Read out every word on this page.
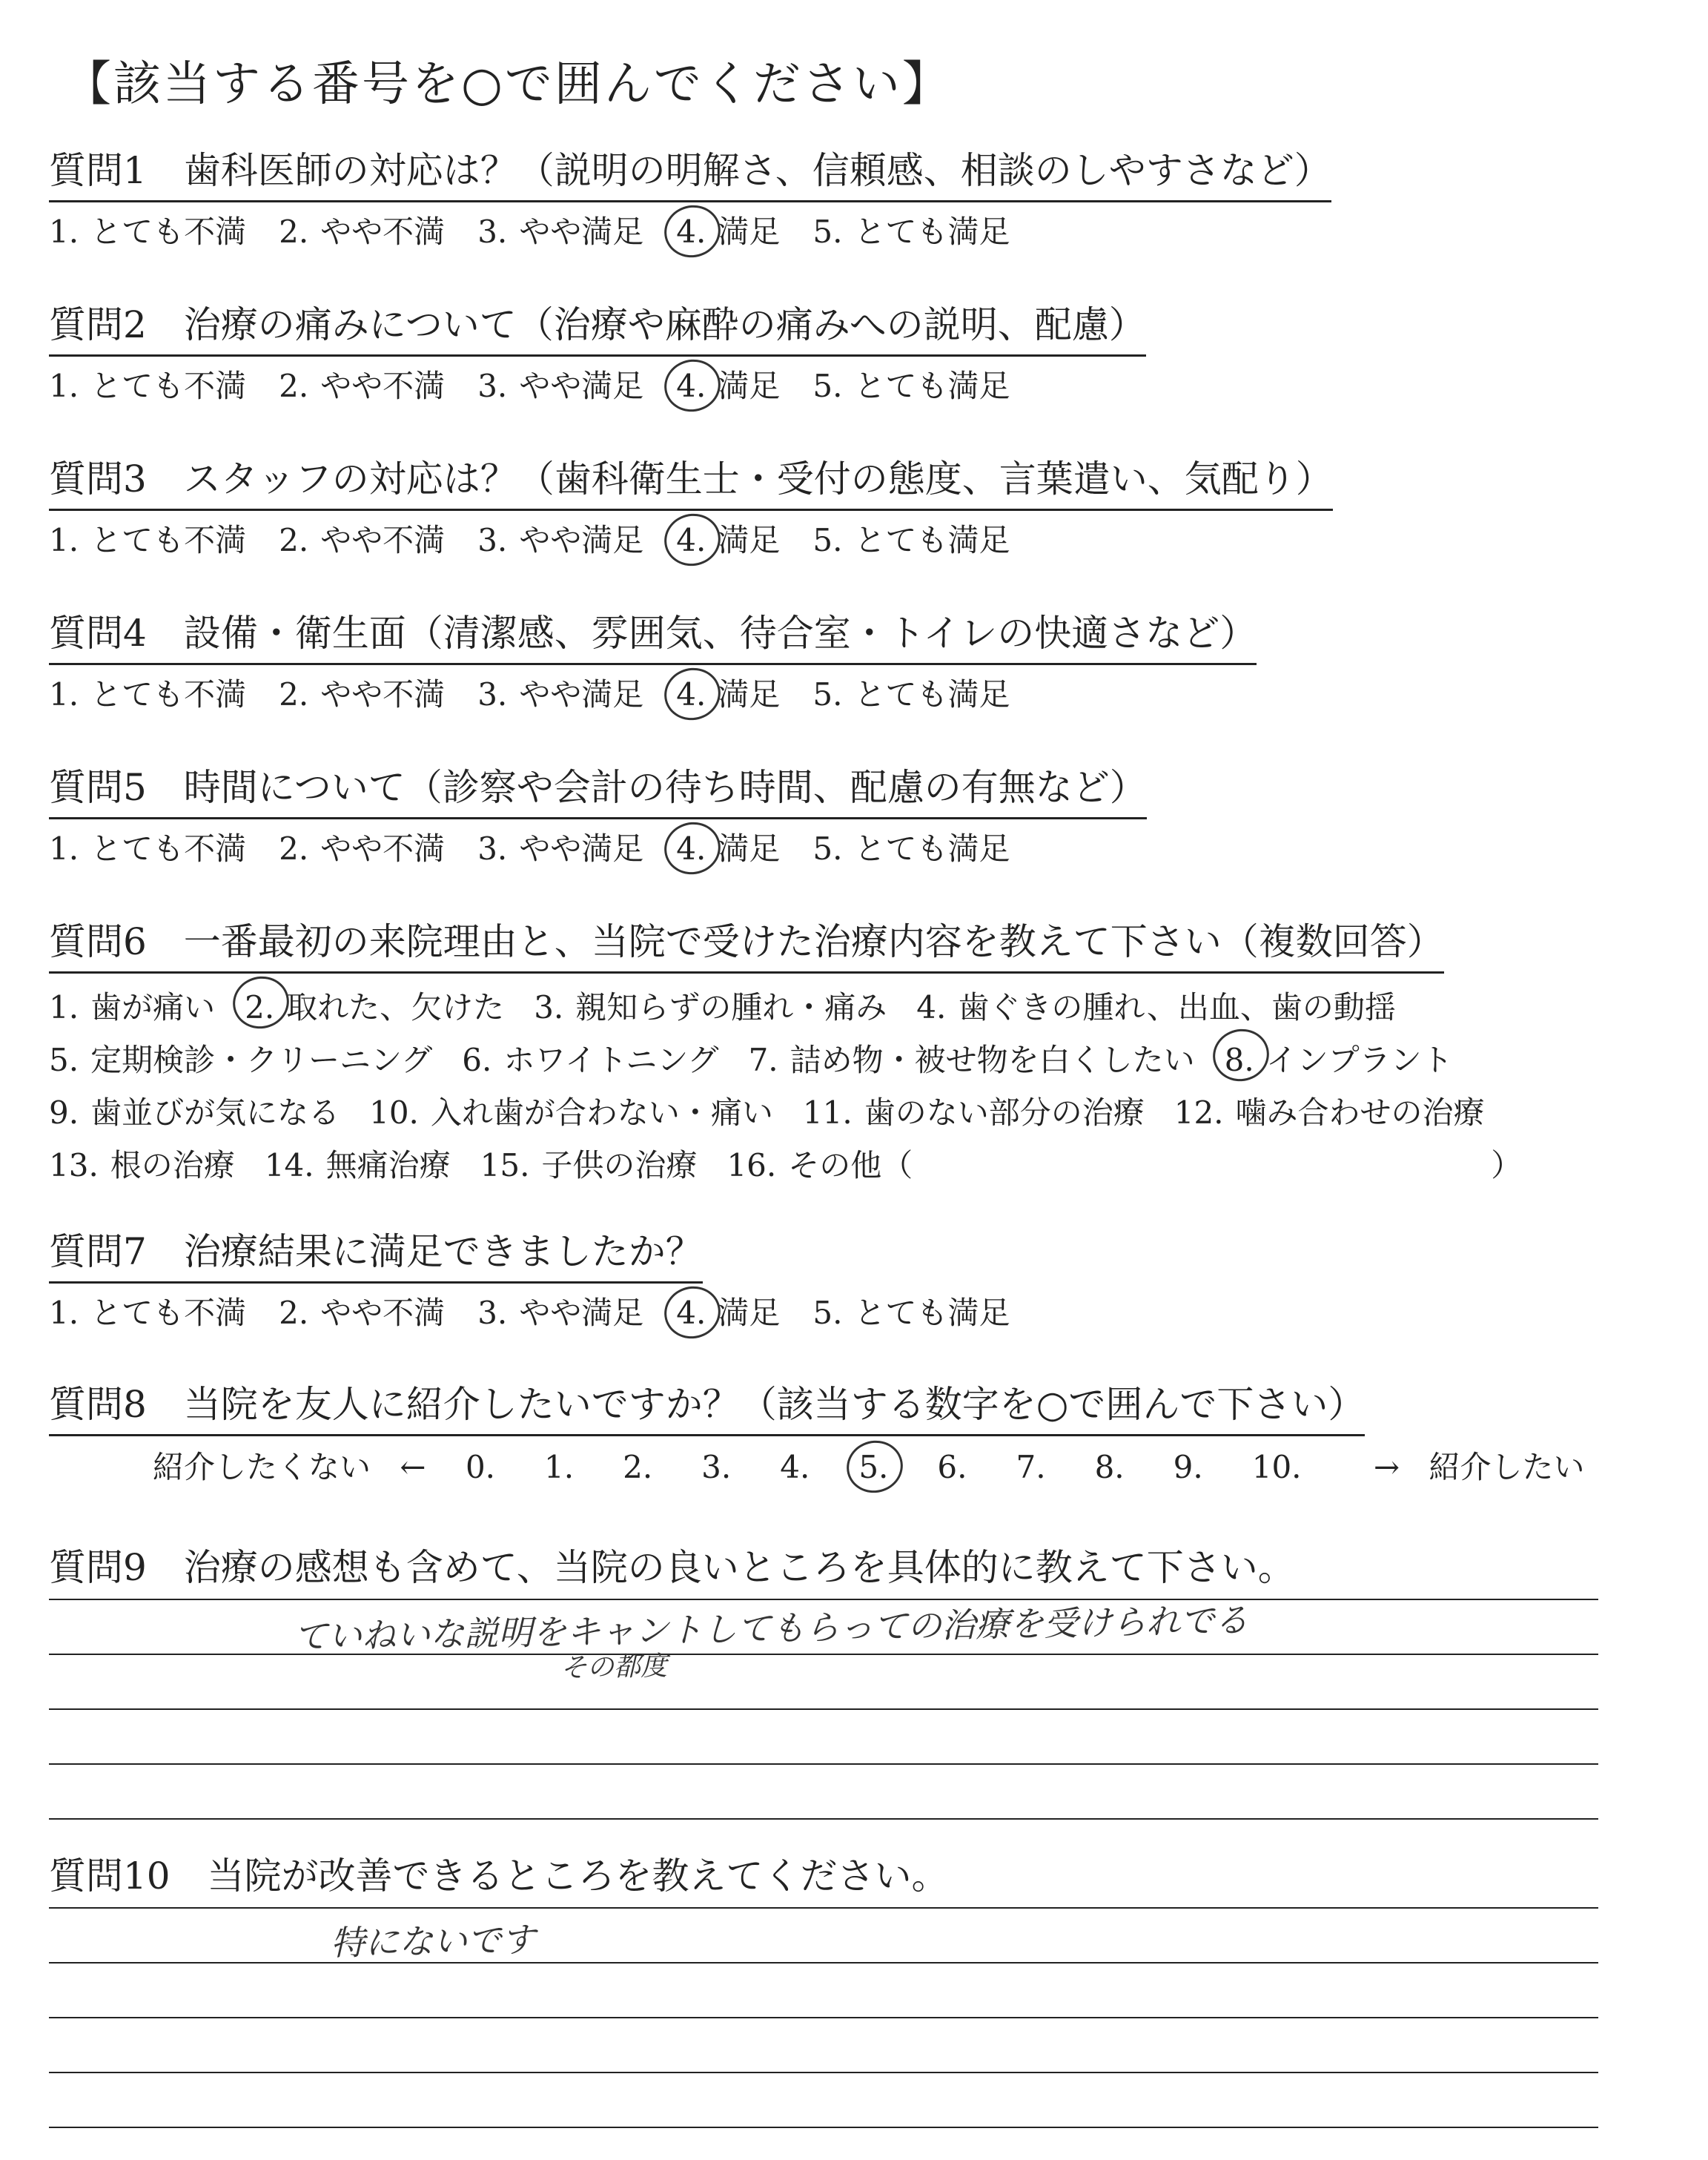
【該当する番号を○で囲んでください】
質問1 歯科医師の対応は？（説明の明解さ、信頼感、相談のしやすさなど）
1. とても不満 2. やや不満 3. やや満足 4. 満足 5. とても満足
質問2 治療の痛みについて（治療や麻酔の痛みへの説明、配慮）
1. とても不満 2. やや不満 3. やや満足 4. 満足 5. とても満足
質問3 スタッフの対応は？（歯科衛生士・受付の態度、言葉遣い、気配り）
1. とても不満 2. やや不満 3. やや満足 4. 満足 5. とても満足
質問4 設備・衛生面（清潔感、雰囲気、待合室・トイレの快適さなど）
1. とても不満 2. やや不満 3. やや満足 4. 満足 5. とても満足
質問5 時間について（診察や会計の待ち時間、配慮の有無など）
1. とても不満 2. やや不満 3. やや満足 4. 満足 5. とても満足
質問6 一番最初の来院理由と、当院で受けた治療内容を教えて下さい（複数回答）
1. 歯が痛い 2. 取れた、欠けた 3. 親知らずの腫れ・痛み 4. 歯ぐきの腫れ、出血、歯の動揺
5. 定期検診・クリーニング 6. ホワイトニング 7. 詰め物・被せ物を白くしたい 8. インプラント
9. 歯並びが気になる 10. 入れ歯が合わない・痛い 11. 歯のない部分の治療 12. 噛み合わせの治療
13. 根の治療 14. 無痛治療 15. 子供の治療 16. その他（	）
質問7 治療結果に満足できましたか？
1. とても不満 2. やや不満 3. やや満足 4. 満足 5. とても満足
質問8 当院を友人に紹介したいですか？（該当する数字を○で囲んで下さい）
紹介したくない ← 0. 1. 2. 3. 4. 5. 6. 7. 8. 9. 10. → 紹介したい
質問9 治療の感想も含めて、当院の良いところを具体的に教えて下さい。
ていねいな説明をキャントしてもらっての治療を受けられでる
その都度
質問10 当院が改善できるところを教えてください。
特にないです
